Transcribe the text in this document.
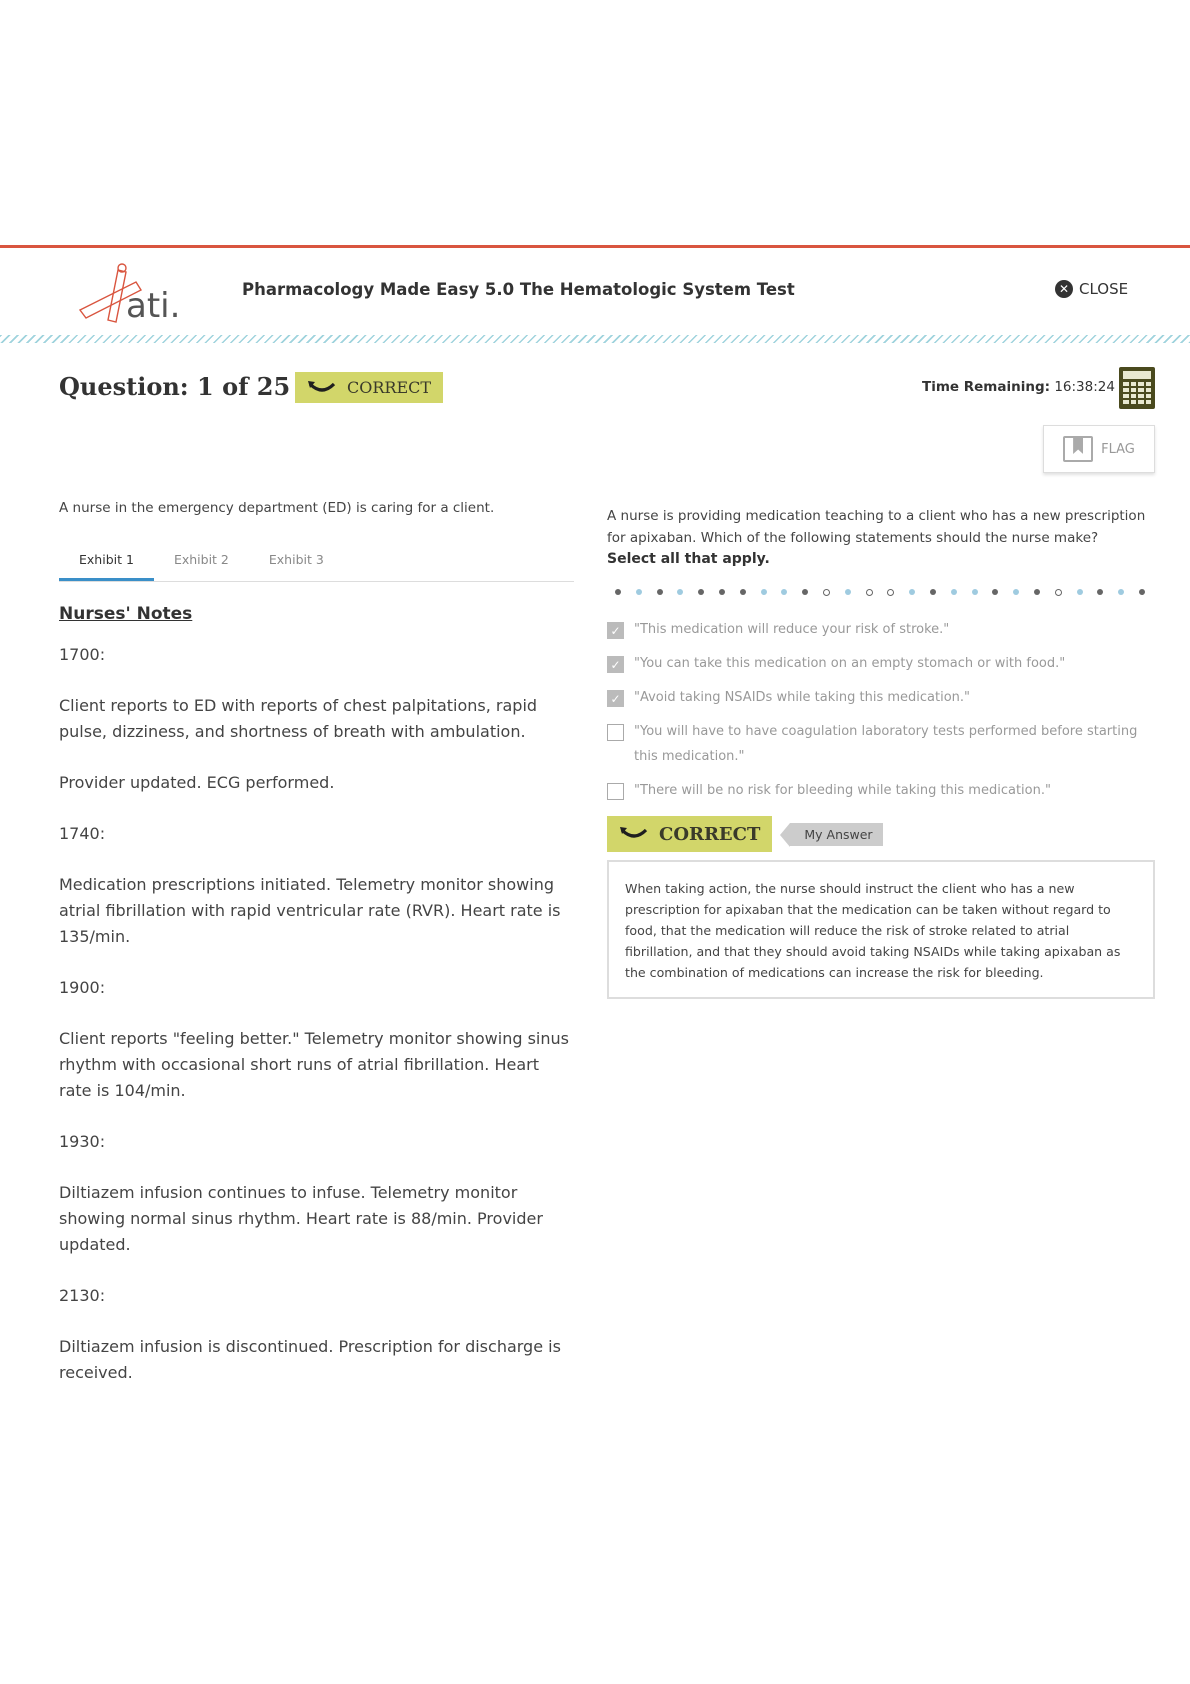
ati.	Pharmacology Made Easy 5.0 The Hematologic System Test	✕ CLOSE
Question: 1 of 25	CORRECT	Time Remaining: 16:38:24
FLAG
A nurse in the emergency department (ED) is caring for a client.
Exhibit 1	Exhibit 2	Exhibit 3
Nurses' Notes

1700:

Client reports to ED with reports of chest palpitations, rapid pulse, dizziness, and shortness of breath with ambulation.

Provider updated. ECG performed.

1740:

Medication prescriptions initiated. Telemetry monitor showing atrial fibrillation with rapid ventricular rate (RVR). Heart rate is 135/min.

1900:

Client reports "feeling better." Telemetry monitor showing sinus rhythm with occasional short runs of atrial fibrillation. Heart rate is 104/min.

1930:

Diltiazem infusion continues to infuse. Telemetry monitor showing normal sinus rhythm. Heart rate is 88/min. Provider updated.

2130:

Diltiazem infusion is discontinued. Prescription for discharge is received.

A nurse is providing medication teaching to a client who has a new prescription for apixaban. Which of the following statements should the nurse make?
Select all that apply.
✓ "This medication will reduce your risk of stroke."
✓ "You can take this medication on an empty stomach or with food."
✓ "Avoid taking NSAIDs while taking this medication."
"You will have to have coagulation laboratory tests performed before starting this medication."
"There will be no risk for bleeding while taking this medication."
CORRECT	My Answer

When taking action, the nurse should instruct the client who has a new prescription for apixaban that the medication can be taken without regard to food, that the medication will reduce the risk of stroke related to atrial fibrillation, and that they should avoid taking NSAIDs while taking apixaban as the combination of medications can increase the risk for bleeding.
